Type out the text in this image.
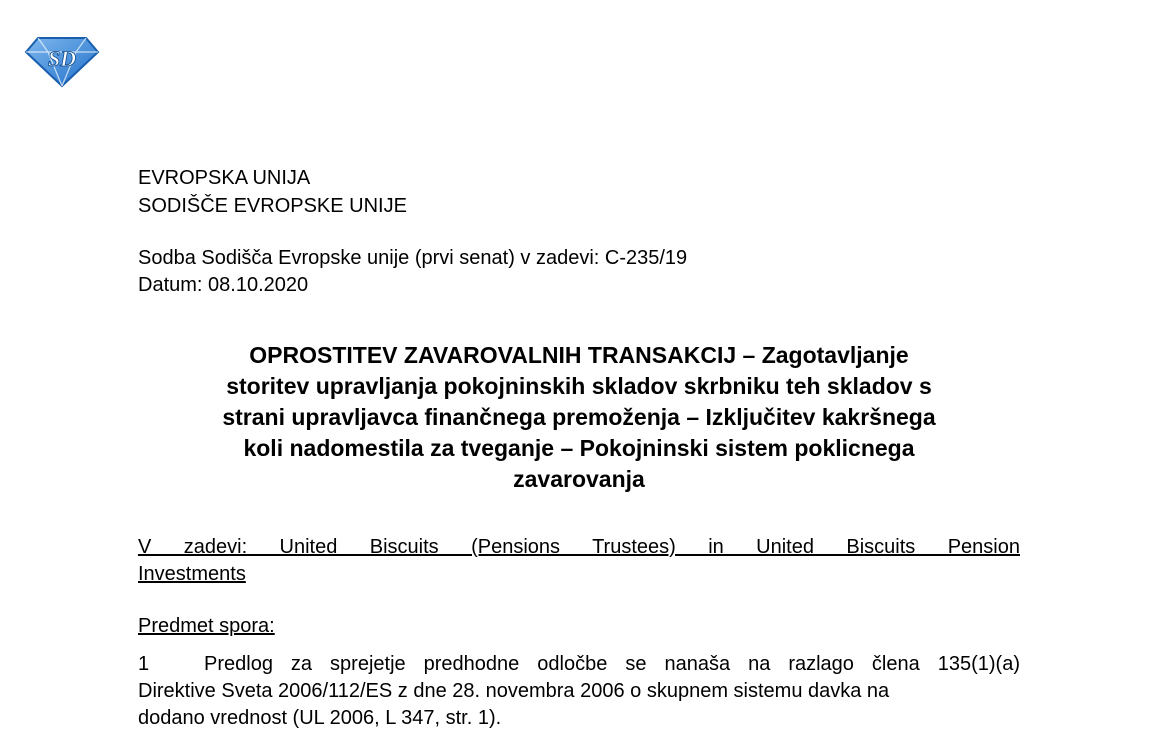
SD
EVROPSKA UNIJA
SODIŠČE EVROPSKE UNIJE
Sodba Sodišča Evropske unije (prvi senat) v zadevi: C-235/19
Datum: 08.10.2020
OPROSTITEV ZAVAROVALNIH TRANSAKCIJ – Zagotavljanje
storitev upravljanja pokojninskih skladov skrbniku teh skladov s
strani upravljavca finančnega premoženja – Izključitev kakršnega
koli nadomestila za tveganje – Pokojninski sistem poklicnega
zavarovanja
V zadevi: United Biscuits (Pensions Trustees) in United Biscuits Pension
Investments
Predmet spora:
1	Predlog za sprejetje predhodne odločbe se nanaša na razlago člena 135(1)(a)
Direktive Sveta 2006/112/ES z dne 28. novembra 2006 o skupnem sistemu davka na
dodano vrednost (UL 2006, L 347, str. 1).
